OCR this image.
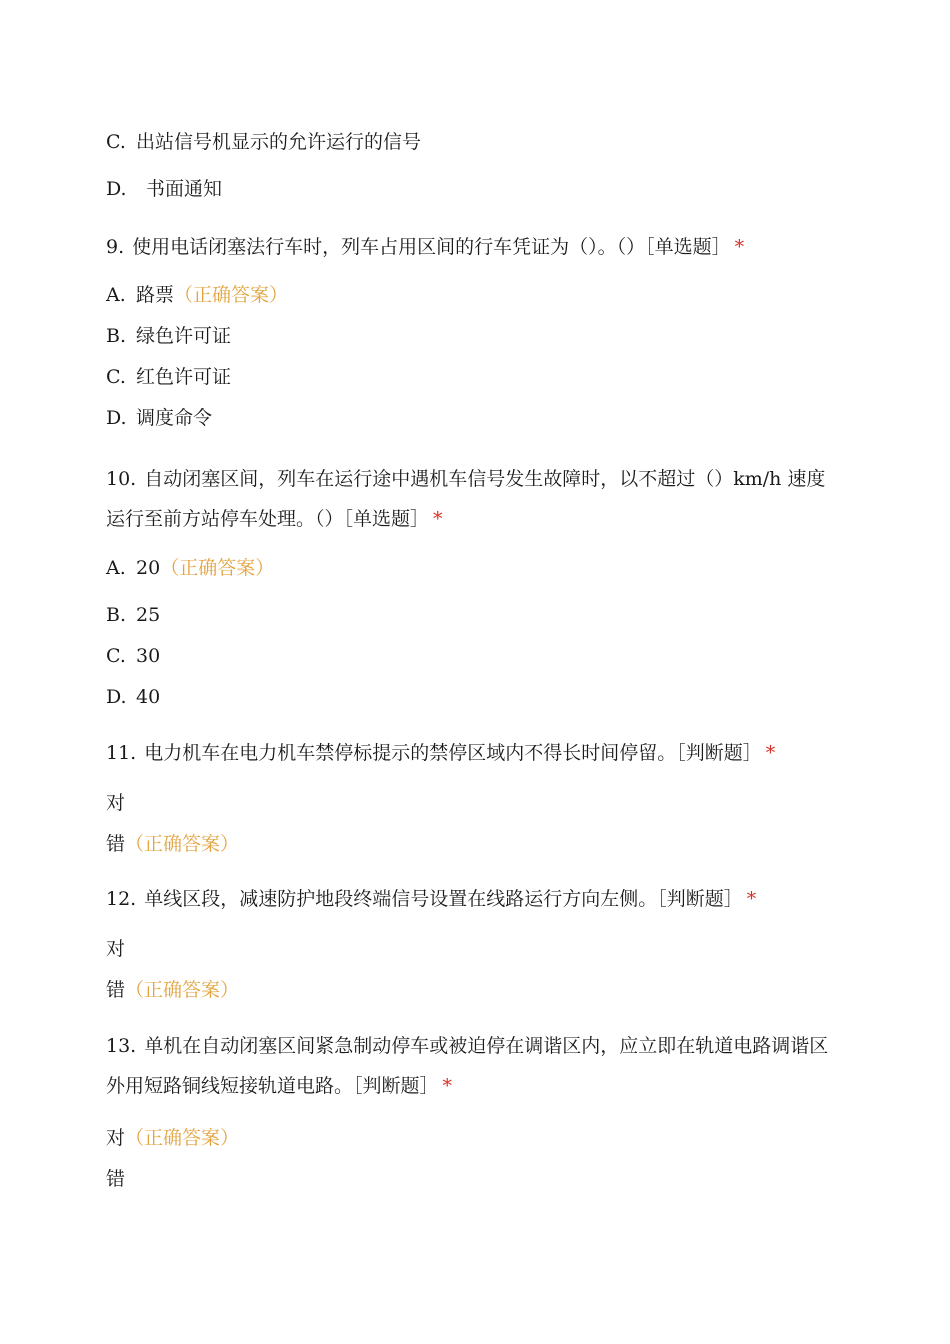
C. 出站信号机显示的允许运行的信号
D. 书面通知
9. 使用电话闭塞法行车时，列车占用区间的行车凭证为（）。（）［单选题］ *
A. 路票（正确答案）
B. 绿色许可证
C. 红色许可证
D. 调度命令
10. 自动闭塞区间，列车在运行途中遇机车信号发生故障时，以不超过（）km/h 速度运行至前方站停车处理。（）［单选题］ *
A. 20（正确答案）
B. 25
C. 30
D. 40
11. 电力机车在电力机车禁停标提示的禁停区域内不得长时间停留。［判断题］ *
对
错（正确答案）
12. 单线区段，减速防护地段终端信号设置在线路运行方向左侧。［判断题］ *
对
错（正确答案）
13. 单机在自动闭塞区间紧急制动停车或被迫停在调谐区内，应立即在轨道电路调谐区外用短路铜线短接轨道电路。［判断题］ *
对（正确答案）
错
